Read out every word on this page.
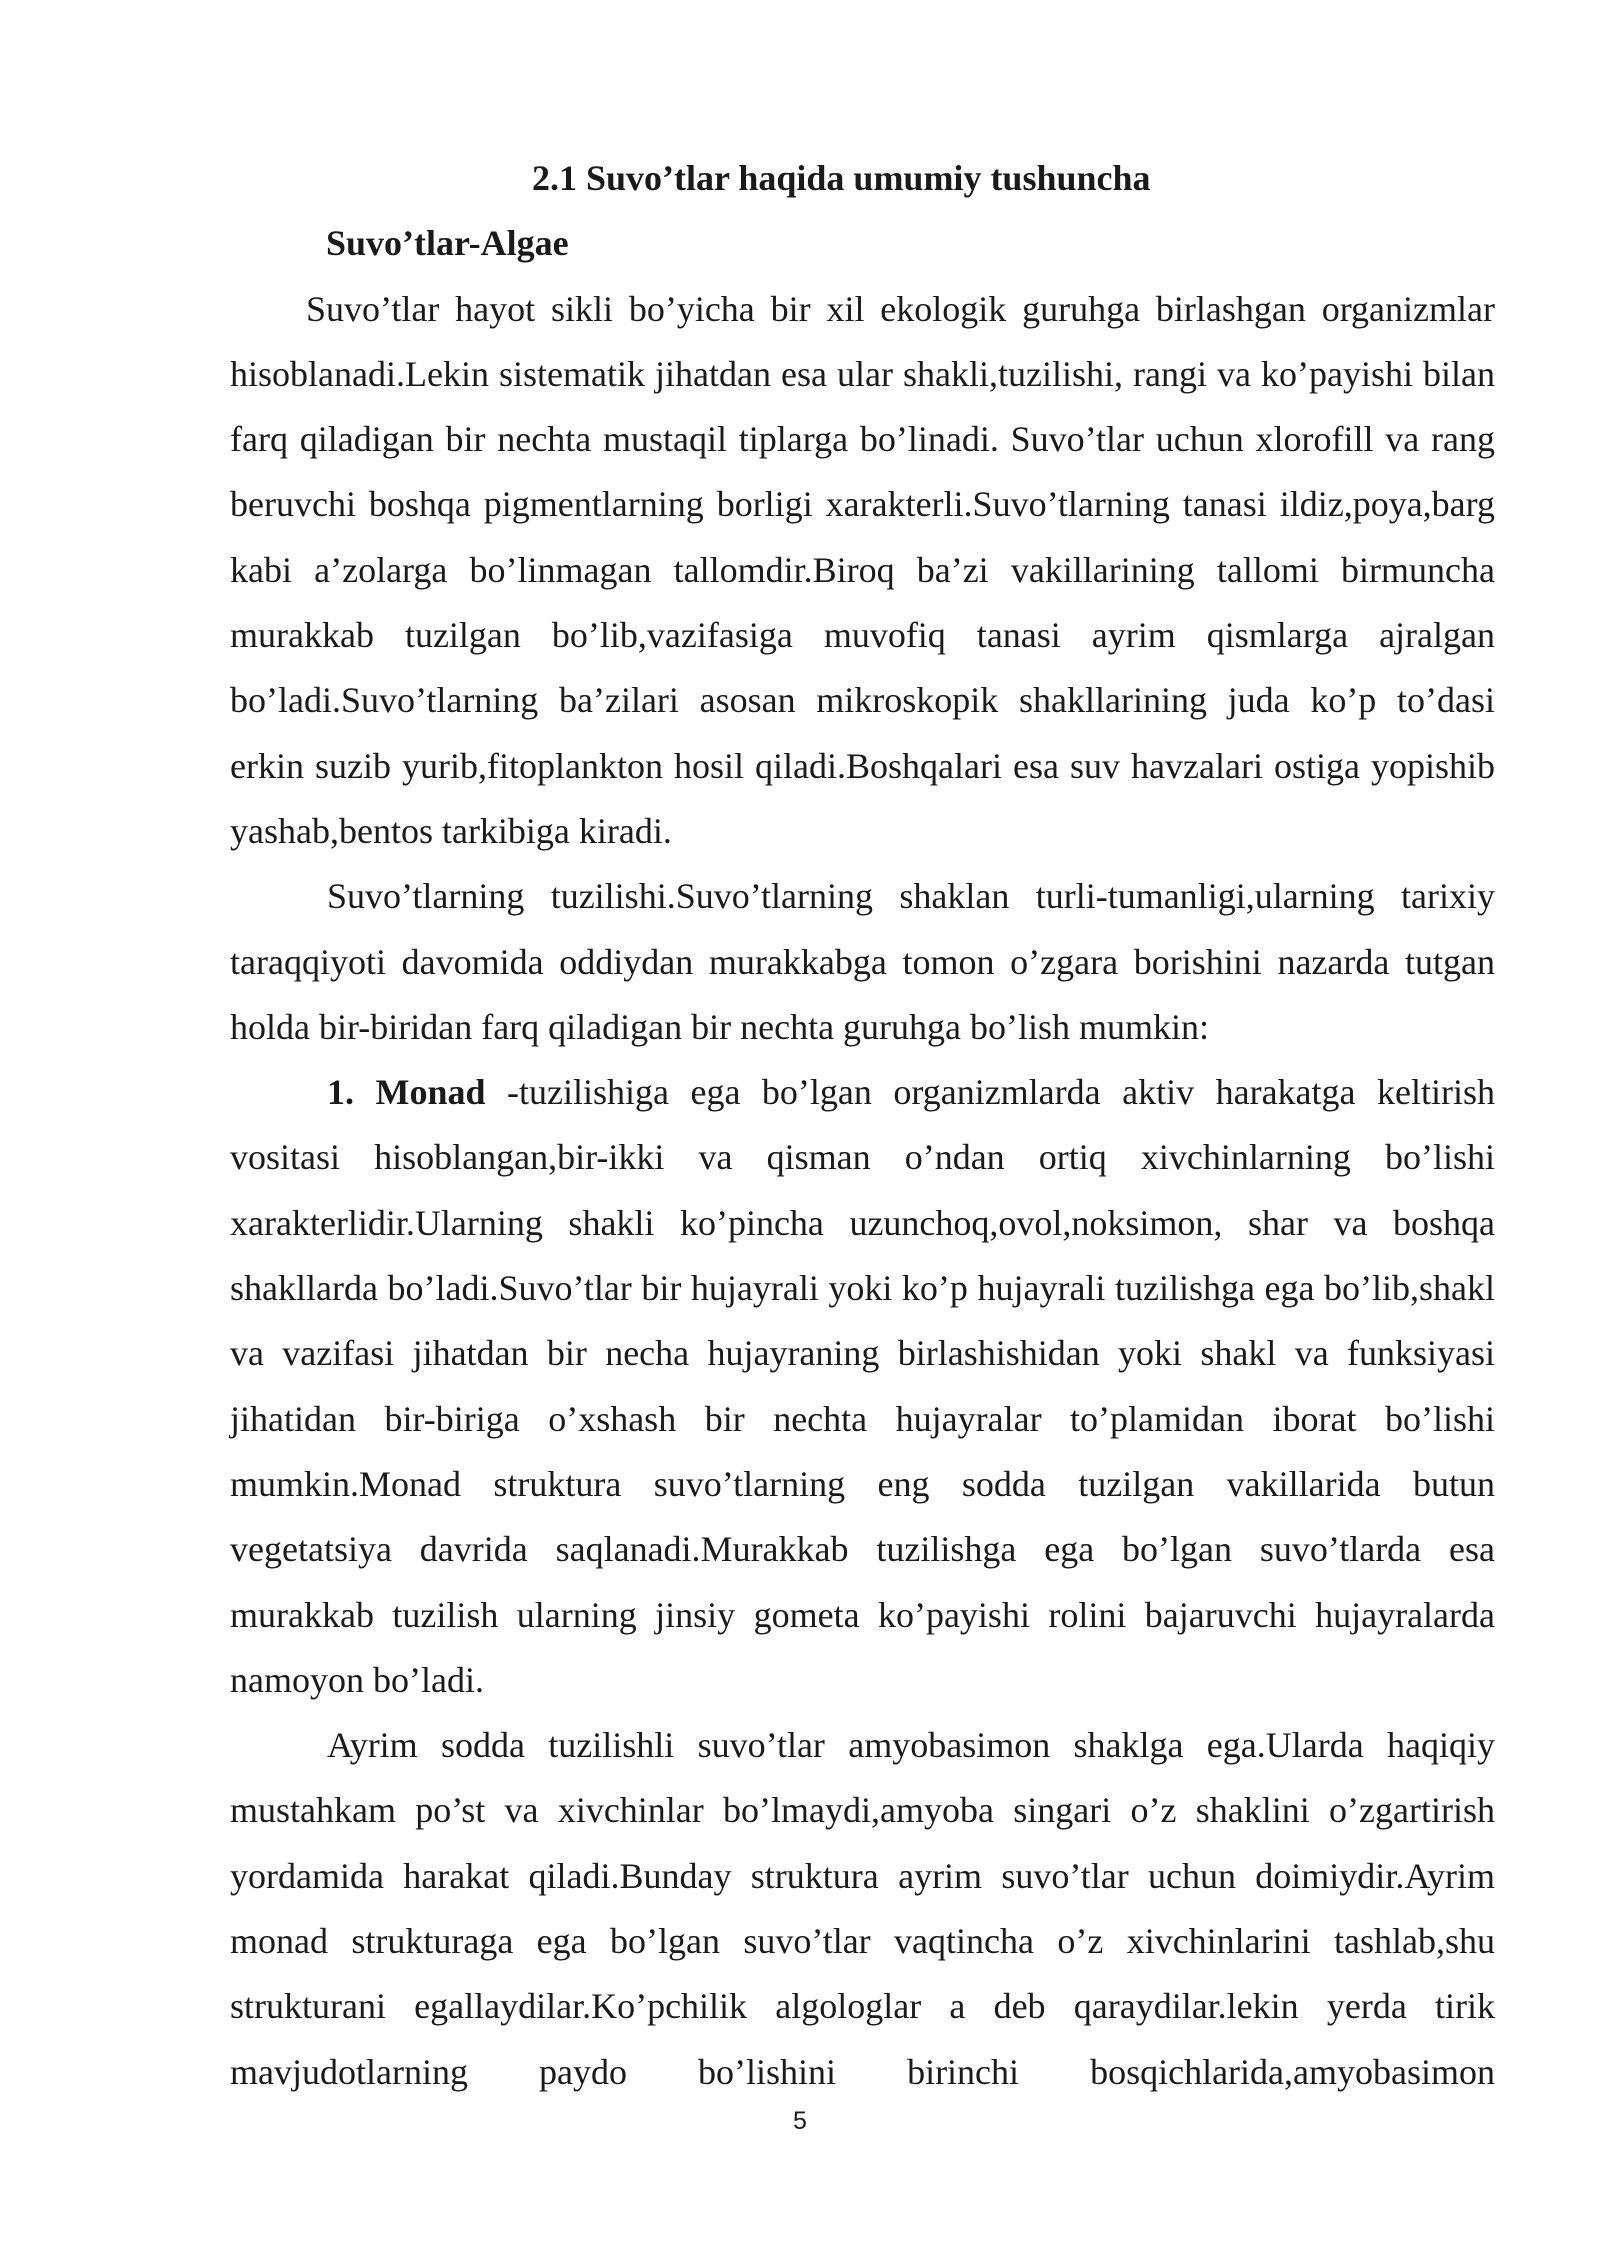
2.1 Suvo’tlar haqida umumiy tushuncha

Suvo’tlar-Algae

Suvo’tlar hayot sikli bo’yicha bir xil ekologik guruhga birlashgan organizmlar hisoblanadi.Lekin sistematik jihatdan esa ular shakli,tuzilishi, rangi va ko’payishi bilan farq qiladigan bir nechta mustaqil tiplarga bo’linadi. Suvo’tlar uchun xlorofill va rang beruvchi boshqa pigmentlarning borligi xarakterli.Suvo’tlarning tanasi ildiz,poya,barg kabi a’zolarga bo’linmagan tallomdir.Biroq ba’zi vakillarining tallomi birmuncha murakkab tuzilgan bo’lib,vazifasiga muvofiq tanasi ayrim qismlarga ajralgan bo’ladi.Suvo’tlarning ba’zilari asosan mikroskopik shakllarining juda ko’p to’dasi erkin suzib yurib,fitoplankton hosil qiladi.Boshqalari esa suv havzalari ostiga yopishib yashab,bentos tarkibiga kiradi.

Suvo’tlarning tuzilishi.Suvo’tlarning shaklan turli-tumanligi,ularning tarixiy taraqqiyoti davomida oddiydan murakkabga tomon o’zgara borishini nazarda tutgan holda bir-biridan farq qiladigan bir nechta guruhga bo’lish mumkin:

1. Monad -tuzilishiga ega bo’lgan organizmlarda aktiv harakatga keltirish vositasi hisoblangan,bir-ikki va qisman o’ndan ortiq xivchinlarning bo’lishi xarakterlidir.Ularning shakli ko’pincha uzunchoq,ovol,noksimon, shar va boshqa shakllarda bo’ladi.Suvo’tlar bir hujayrali yoki ko’p hujayrali tuzilishga ega bo’lib,shakl va vazifasi jihatdan bir necha hujayraning birlashishidan yoki shakl va funksiyasi jihatidan bir-biriga o’xshash bir nechta hujayralar to’plamidan iborat bo’lishi mumkin.Monad struktura suvo’tlarning eng sodda tuzilgan vakillarida butun vegetatsiya davrida saqlanadi.Murakkab tuzilishga ega bo’lgan suvo’tlarda esa murakkab tuzilish ularning jinsiy gometa ko’payishi rolini bajaruvchi hujayralarda namoyon bo’ladi.

Ayrim sodda tuzilishli suvo’tlar amyobasimon shaklga ega.Ularda haqiqiy mustahkam po’st va xivchinlar bo’lmaydi,amyoba singari o’z shaklini o’zgartirish yordamida harakat qiladi.Bunday struktura ayrim suvo’tlar uchun doimiydir.Ayrim monad strukturaga ega bo’lgan suvo’tlar vaqtincha o’z xivchinlarini tashlab,shu strukturani egallaydilar.Ko’pchilik algologlar a deb qaraydilar.lekin yerda tirik mavjudotlarning paydo bo’lishini birinchi bosqichlarida,amyobasimon

5
